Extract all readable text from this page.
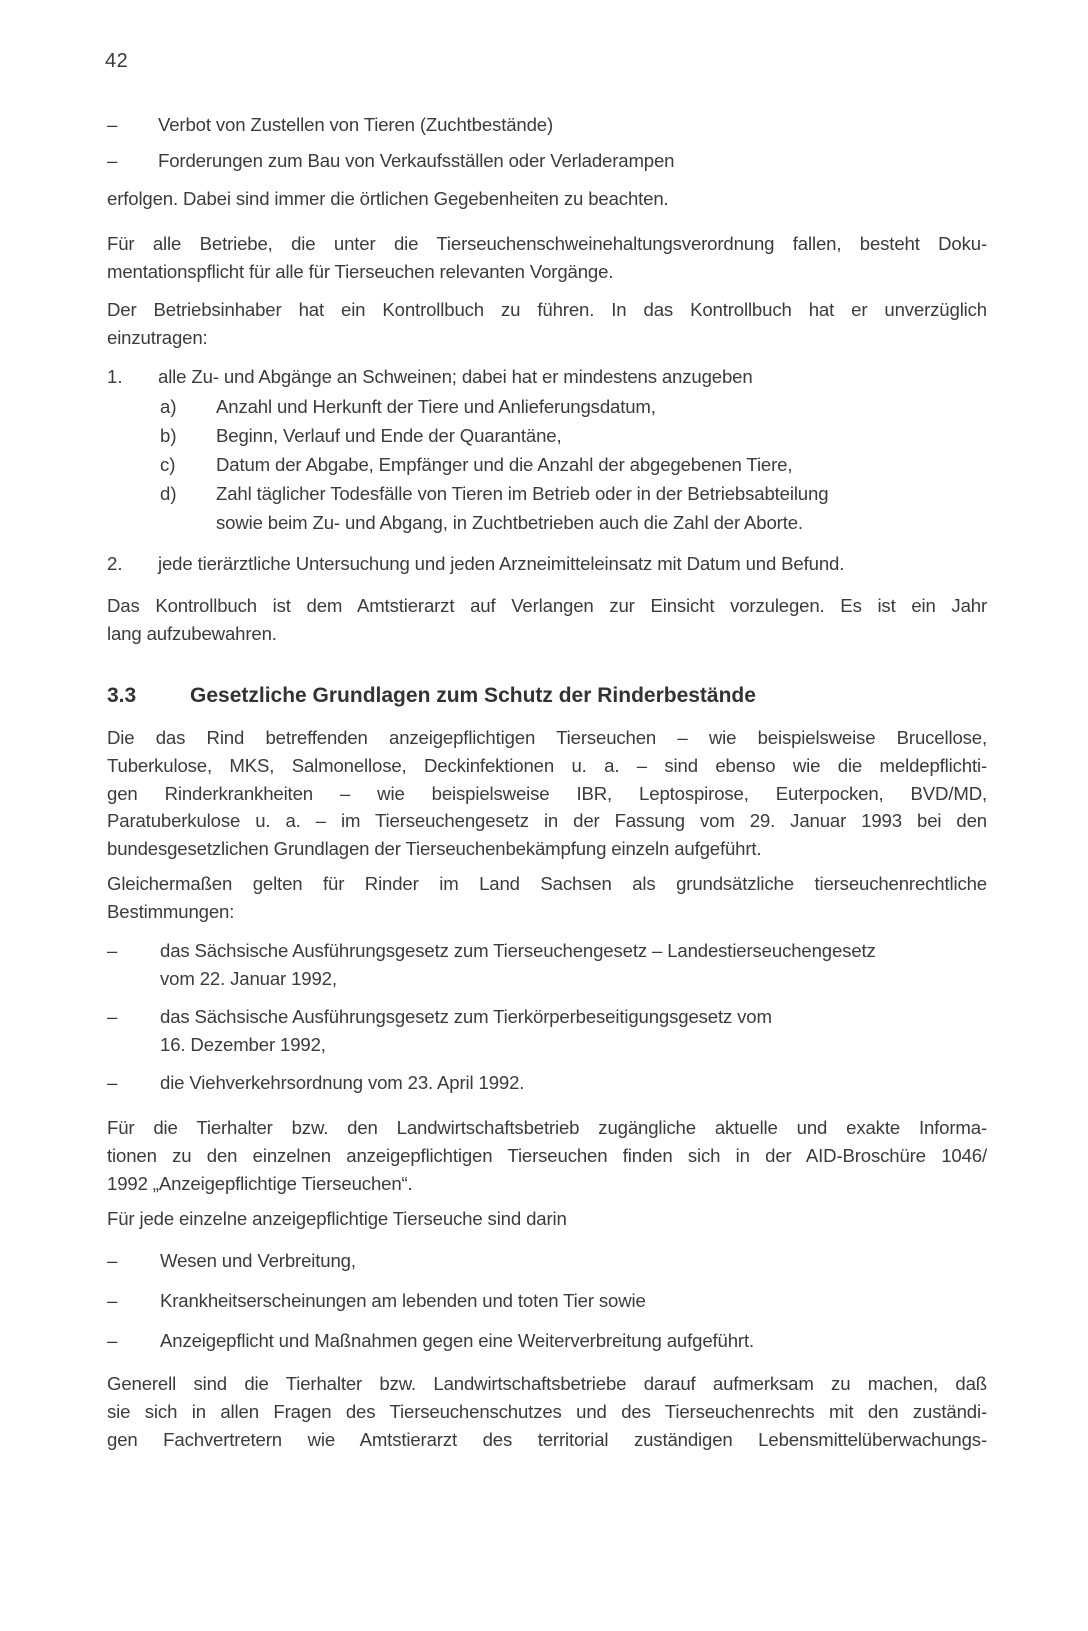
42
– Verbot von Zustellen von Tieren (Zuchtbestände)
– Forderungen zum Bau von Verkaufsställen oder Verladerampen
erfolgen. Dabei sind immer die örtlichen Gegebenheiten zu beachten.
Für alle Betriebe, die unter die Tierseuchenschweinehaltungsverordnung fallen, besteht Doku-
mentationspflicht für alle für Tierseuchen relevanten Vorgänge.
Der Betriebsinhaber hat ein Kontrollbuch zu führen. In das Kontrollbuch hat er unverzüglich
einzutragen:
1. alle Zu- und Abgänge an Schweinen; dabei hat er mindestens anzugeben
a) Anzahl und Herkunft der Tiere und Anlieferungsdatum,
b) Beginn, Verlauf und Ende der Quarantäne,
c) Datum der Abgabe, Empfänger und die Anzahl der abgegebenen Tiere,
d) Zahl täglicher Todesfälle von Tieren im Betrieb oder in der Betriebsabteilung
sowie beim Zu- und Abgang, in Zuchtbetrieben auch die Zahl der Aborte.
2. jede tierärztliche Untersuchung und jeden Arzneimitteleinsatz mit Datum und Befund.
Das Kontrollbuch ist dem Amtstierarzt auf Verlangen zur Einsicht vorzulegen. Es ist ein Jahr
lang aufzubewahren.
3.3	Gesetzliche Grundlagen zum Schutz der Rinderbestände
Die das Rind betreffenden anzeigepflichtigen Tierseuchen – wie beispielsweise Brucellose,
Tuberkulose, MKS, Salmonellose, Deckinfektionen u. a. – sind ebenso wie die meldepflichti-
gen Rinderkrankheiten – wie beispielsweise IBR, Leptospirose, Euterpocken, BVD/MD,
Paratuberkulose u. a. – im Tierseuchengesetz in der Fassung vom 29. Januar 1993 bei den
bundesgesetzlichen Grundlagen der Tierseuchenbekämpfung einzeln aufgeführt.
Gleichermaßen gelten für Rinder im Land Sachsen als grundsätzliche tierseuchenrechtliche
Bestimmungen:
– das Sächsische Ausführungsgesetz zum Tierseuchengesetz – Landestierseuchengesetz
vom 22. Januar 1992,
– das Sächsische Ausführungsgesetz zum Tierkörperbeseitigungsgesetz vom
16. Dezember 1992,
– die Viehverkehrsordnung vom 23. April 1992.
Für die Tierhalter bzw. den Landwirtschaftsbetrieb zugängliche aktuelle und exakte Informa-
tionen zu den einzelnen anzeigepflichtigen Tierseuchen finden sich in der AID-Broschüre 1046/
1992 „Anzeigepflichtige Tierseuchen“.
Für jede einzelne anzeigepflichtige Tierseuche sind darin
– Wesen und Verbreitung,
– Krankheitserscheinungen am lebenden und toten Tier sowie
– Anzeigepflicht und Maßnahmen gegen eine Weiterverbreitung aufgeführt.
Generell sind die Tierhalter bzw. Landwirtschaftsbetriebe darauf aufmerksam zu machen, daß
sie sich in allen Fragen des Tierseuchenschutzes und des Tierseuchenrechts mit den zuständi-
gen Fachvertretern wie Amtstierarzt des territorial zuständigen Lebensmittelüberwachungs-
